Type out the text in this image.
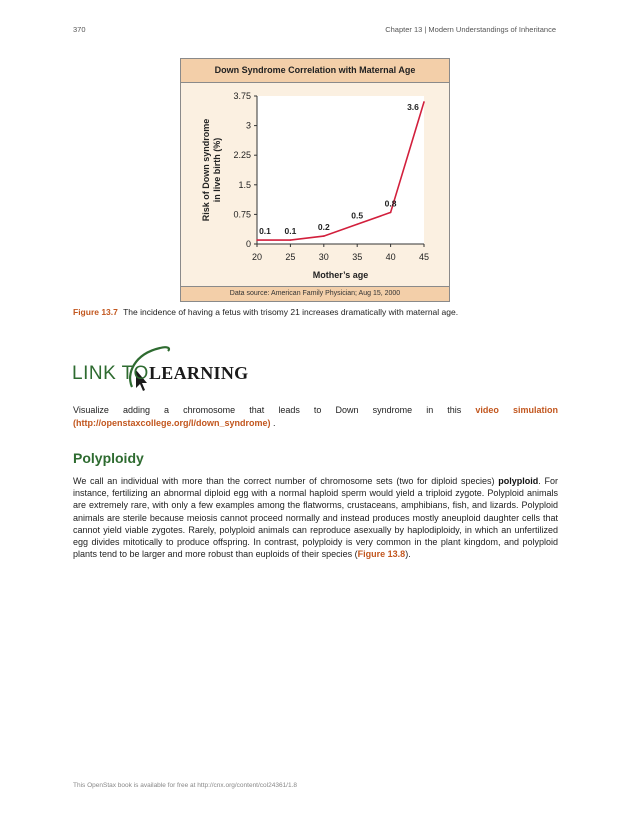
370	Chapter 13 | Modern Understandings of Inheritance
Down Syndrome Correlation with Maternal Age
0
0.75
1.5
2.25
3
3.75
20	25	30	35	40	45
0.1 0.1	0.2
0.5
0.8
3.6
Mother’s age
Risk of Down syndrome in live birth (%)
Data source: American Family Physician; Aug 15, 2000
Figure 13.7 The incidence of having a fetus with trisomy 21 increases dramatically with maternal age.
LINK TO LEARNING
Visualize adding a chromosome that leads to Down syndrome in this video simulation
(http://openstaxcollege.org/l/down_syndrome) .
Polyploidy
We call an individual with more than the correct number of chromosome sets (two for diploid species) polyploid. For instance, fertilizing an abnormal diploid egg with a normal haploid sperm would yield a triploid zygote. Polyploid animals are extremely rare, with only a few examples among the flatworms, crustaceans, amphibians, fish, and lizards. Polyploid animals are sterile because meiosis cannot proceed normally and instead produces mostly aneuploid daughter cells that cannot yield viable zygotes. Rarely, polyploid animals can reproduce asexually by haplodiploidy, in which an unfertilized egg divides mitotically to produce offspring. In contrast, polyploidy is very common in the plant kingdom, and polyploid plants tend to be larger and more robust than euploids of their species (Figure 13.8).
This OpenStax book is available for free at http://cnx.org/content/col24361/1.8
